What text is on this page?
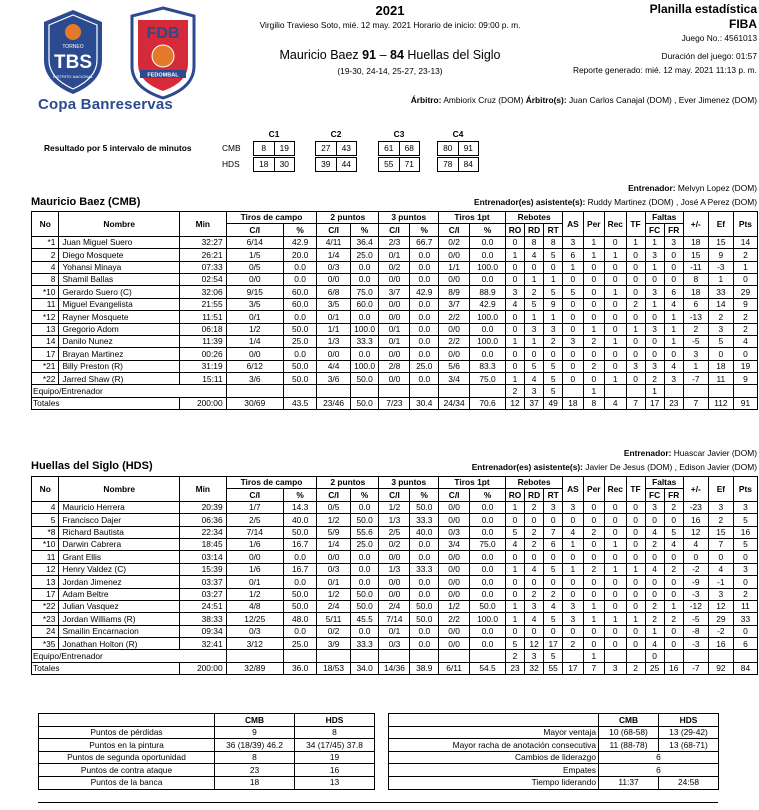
TORNEO
TBS
DISTRITO NACIONAL
FDB
FEDOMBAL
Copa Banreservas
2021
Virgilio Travieso Soto, mié. 12 may. 2021 Horario de inicio: 09:00 p. m.
Mauricio Baez 91 – 84 Huellas del Siglo
(19-30, 24-14, 25-27, 23-13)
Planilla estadística
FIBA
Juego No.: 4561013
Duración del juego: 01:57
Reporte generado: mié. 12 may. 2021 11:13 p. m.
Árbitro: Ambiorix Cruz (DOM) Árbitro(s): Juan Carlos Canajal (DOM) , Ever Jimenez (DOM)
Resultado por 5 intervalo de minutos
C1	C2	C3	C4
CMB	8	19	27	43	61	68	80	91
HDS	18	30	39	44	55	71	78	84
Mauricio Baez (CMB)
Entrenador: Melvyn Lopez (DOM)
Entrenador(es) asistente(s): Ruddy Martinez (DOM) , José A Perez (DOM)
No	Nombre	Min	Tiros de campo		2 puntos		3 puntos		Tiros 1pt		Rebotes			AS	Per	Rec	TF	Faltas		+/-	Ef	Pts
			C/I	%	C/I	%	C/I	%	C/I	%	RO	RD	RT					FC	FR			
*1	Juan Miguel Suero	32:27	6/14	42.9	4/11	36.4	2/3	66.7	0/2	0.0	0	8	8	3	1	0	1	1	3	18	15	14
2	Diego Mosquete	26:21	1/5	20.0	1/4	25.0	0/1	0.0	0/0	0.0	1	4	5	6	1	1	0	3	0	15	9	2
4	Yohansi Minaya	07:33	0/5	0.0	0/3	0.0	0/2	0.0	1/1	100.0	0	0	0	1	0	0	0	1	0	-11	-3	1
8	Shamil Ballas	02:54	0/0	0.0	0/0	0.0	0/0	0.0	0/0	0.0	0	1	1	0	0	0	0	0	0	8	1	0
*10	Gerardo Suero (C)	32:06	9/15	60.0	6/8	75.0	3/7	42.9	8/9	88.9	3	2	5	5	0	1	0	3	6	18	33	29
11	Miguel Evangelista	21:55	3/5	60.0	3/5	60.0	0/0	0.0	3/7	42.9	4	5	9	0	0	0	2	1	4	6	14	9
*12	Rayner Mosquete	11:51	0/1	0.0	0/1	0.0	0/0	0.0	2/2	100.0	0	1	1	0	0	0	0	0	1	-13	2	2
13	Gregorio Adom	06:18	1/2	50.0	1/1	100.0	0/1	0.0	0/0	0.0	0	3	3	0	1	0	1	3	1	2	3	2
14	Danilo Nunez	11:39	1/4	25.0	1/3	33.3	0/1	0.0	2/2	100.0	1	1	2	3	2	1	0	0	1	-5	5	4
17	Brayan Martinez	00:26	0/0	0.0	0/0	0.0	0/0	0.0	0/0	0.0	0	0	0	0	0	0	0	0	0	3	0	0
*21	Billy Preston (R)	31:19	6/12	50.0	4/4	100.0	2/8	25.0	5/6	83.3	0	5	5	0	2	0	3	3	4	1	18	19
*22	Jarred Shaw (R)	15:11	3/6	50.0	3/6	50.0	0/0	0.0	3/4	75.0	1	4	5	0	0	1	0	2	3	-7	11	9
Equipo/Entrenador											2	3	5		1			1				
Totales		200:00	30/69	43.5	23/46	50.0	7/23	30.4	24/34	70.6	12	37	49	18	8	4	7	17	23	7	112	91
Huellas del Siglo (HDS)
Entrenador: Huascar Javier (DOM)
Entrenador(es) asistente(s): Javier De Jesus (DOM) , Edison Javier (DOM)
No	Nombre	Min	Tiros de campo		2 puntos		3 puntos		Tiros 1pt		Rebotes			AS	Per	Rec	TF	Faltas		+/-	Ef	Pts
			C/I	%	C/I	%	C/I	%	C/I	%	RO	RD	RT					FC	FR			
4	Mauricio Herrera	20:39	1/7	14.3	0/5	0.0	1/2	50.0	0/0	0.0	1	2	3	3	0	0	0	3	2	-23	3	3
5	Francisco Dajer	06:36	2/5	40.0	1/2	50.0	1/3	33.3	0/0	0.0	0	0	0	0	0	0	0	0	0	16	2	5
*8	Richard Bautista	22:34	7/14	50.0	5/9	55.6	2/5	40.0	0/3	0.0	5	2	7	4	2	0	0	4	5	12	15	16
*10	Darwin Cabrera	18:45	1/6	16.7	1/4	25.0	0/2	0.0	3/4	75.0	4	2	6	1	0	1	0	2	4	4	7	5
11	Grant Ellis	03:14	0/0	0.0	0/0	0.0	0/0	0.0	0/0	0.0	0	0	0	0	0	0	0	0	0	0	0	0
12	Henry Valdez (C)	15:39	1/6	16.7	0/3	0.0	1/3	33.3	0/0	0.0	1	4	5	1	2	1	1	4	2	-2	4	3
13	Jordan Jimenez	03:37	0/1	0.0	0/1	0.0	0/0	0.0	0/0	0.0	0	0	0	0	0	0	0	0	0	-9	-1	0
17	Adam Beltre	03:27	1/2	50.0	1/2	50.0	0/0	0.0	0/0	0.0	0	2	2	0	0	0	0	0	0	-3	3	2
*22	Julian Vasquez	24:51	4/8	50.0	2/4	50.0	2/4	50.0	1/2	50.0	1	3	4	3	1	0	0	2	1	-12	12	11
*23	Jordan Williams (R)	38:33	12/25	48.0	5/11	45.5	7/14	50.0	2/2	100.0	1	4	5	3	1	1	1	2	2	-5	29	33
24	Smailin Encarnacion	09:34	0/3	0.0	0/2	0.0	0/1	0.0	0/0	0.0	0	0	0	0	0	0	0	1	0	-8	-2	0
*35	Jonathan Holton (R)	32:41	3/12	25.0	3/9	33.3	0/3	0.0	0/0	0.0	5	12	17	2	0	0	0	4	0	-3	16	6
Equipo/Entrenador											2	3	5		1			0				
Totales		200:00	32/89	36.0	18/53	34.0	14/36	38.9	6/11	54.5	23	32	55	17	7	3	2	25	16	-7	92	84
	CMB	HDS
Puntos de pérdidas	9	8
Puntos en la pintura	36 (18/39) 46.2	34 (17/45) 37.8
Puntos de segunda oportunidad	8	19
Puntos de contra ataque	23	16
Puntos de la banca	18	13
	CMB	HDS
Mayor ventaja	10 (68-58)	13 (29-42)
Mayor racha de anotación consecutiva	11 (88-78)	13 (68-71)
Cambios de liderazgo	6	
Empates	6	
Tiempo liderando	11:37	24:58
